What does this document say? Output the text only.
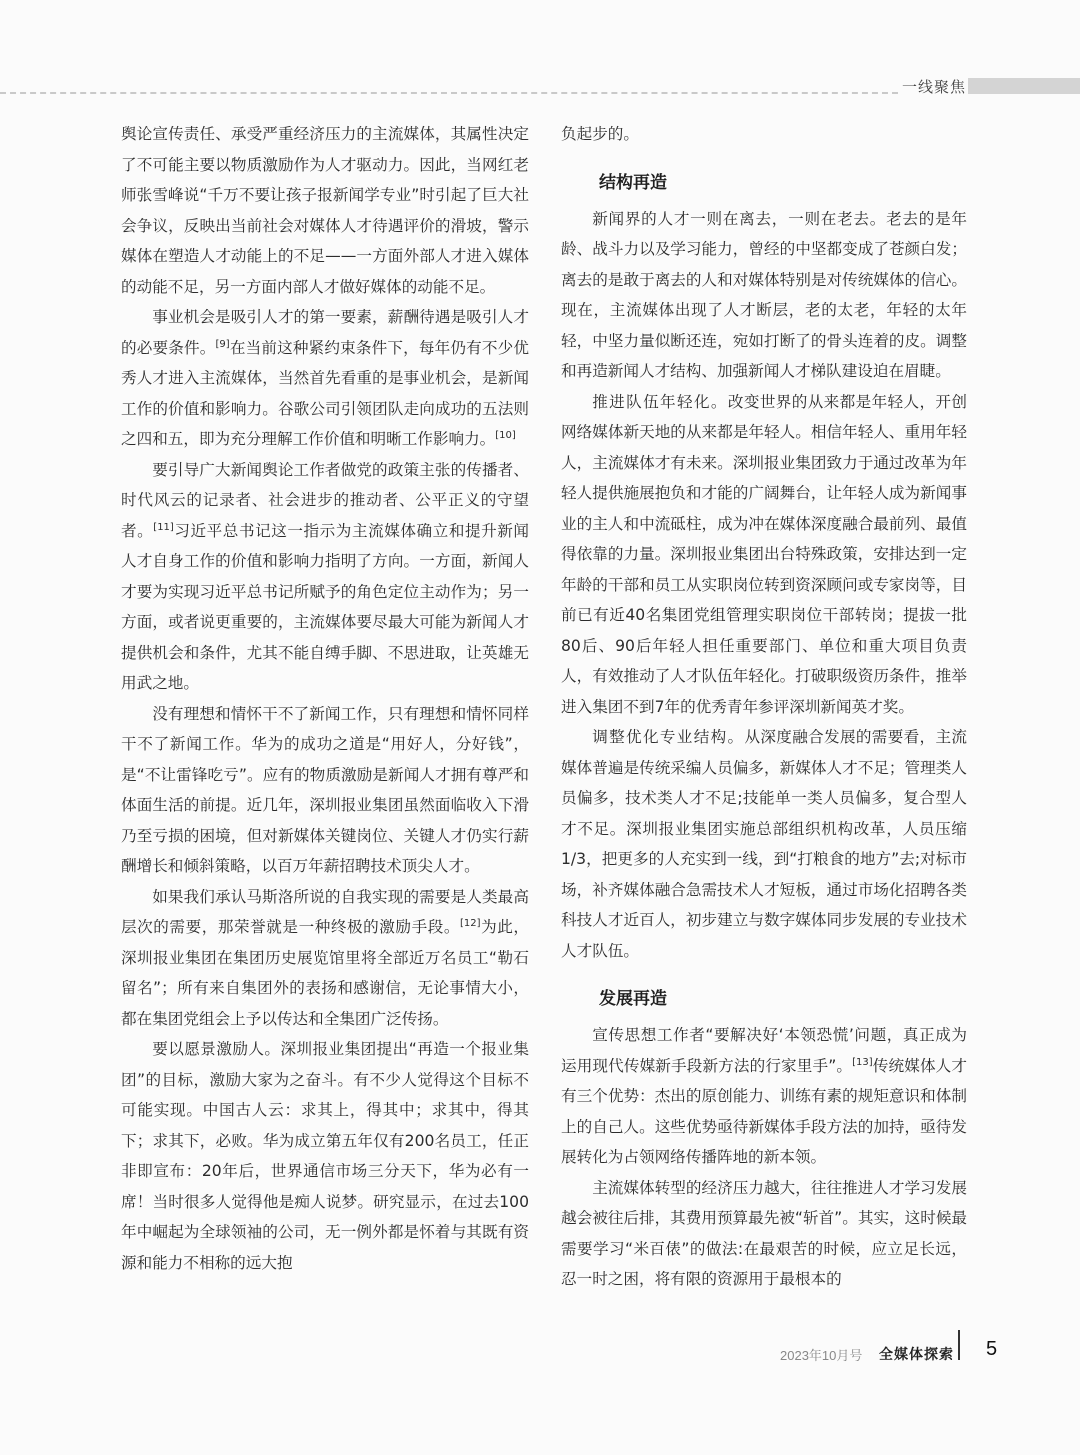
一线聚焦

舆论宣传责任、承受严重经济压力的主流媒体，其属性决定了不可能主要以物质激励作为人才驱动力。因此，当网红老师张雪峰说“千万不要让孩子报新闻学专业”时引起了巨大社会争议，反映出当前社会对媒体人才待遇评价的滑坡，警示媒体在塑造人才动能上的不足——一方面外部人才进入媒体的动能不足，另一方面内部人才做好媒体的动能不足。

事业机会是吸引人才的第一要素，薪酬待遇是吸引人才的必要条件。[9]在当前这种紧约束条件下，每年仍有不少优秀人才进入主流媒体，当然首先看重的是事业机会，是新闻工作的价值和影响力。谷歌公司引领团队走向成功的五法则之四和五，即为充分理解工作价值和明晰工作影响力。[10]

要引导广大新闻舆论工作者做党的政策主张的传播者、时代风云的记录者、社会进步的推动者、公平正义的守望者。[11]习近平总书记这一指示为主流媒体确立和提升新闻人才自身工作的价值和影响力指明了方向。一方面，新闻人才要为实现习近平总书记所赋予的角色定位主动作为；另一方面，或者说更重要的，主流媒体要尽最大可能为新闻人才提供机会和条件，尤其不能自缚手脚、不思进取，让英雄无用武之地。

没有理想和情怀干不了新闻工作，只有理想和情怀同样干不了新闻工作。华为的成功之道是“用好人，分好钱”，是“不让雷锋吃亏”。应有的物质激励是新闻人才拥有尊严和体面生活的前提。近几年，深圳报业集团虽然面临收入下滑乃至亏损的困境，但对新媒体关键岗位、关键人才仍实行薪酬增长和倾斜策略，以百万年薪招聘技术顶尖人才。

如果我们承认马斯洛所说的自我实现的需要是人类最高层次的需要，那荣誉就是一种终极的激励手段。[12]为此，深圳报业集团在集团历史展览馆里将全部近万名员工“勒石留名”；所有来自集团外的表扬和感谢信，无论事情大小，都在集团党组会上予以传达和全集团广泛传扬。

要以愿景激励人。深圳报业集团提出“再造一个报业集团”的目标，激励大家为之奋斗。有不少人觉得这个目标不可能实现。中国古人云：求其上，得其中；求其中，得其下；求其下，必败。华为成立第五年仅有200名员工，任正非即宣布：20年后，世界通信市场三分天下，华为必有一席！当时很多人觉得他是痴人说梦。研究显示，在过去100年中崛起为全球领袖的公司，无一例外都是怀着与其既有资源和能力不相称的远大抱

负起步的。

结构再造

新闻界的人才一则在离去，一则在老去。老去的是年龄、战斗力以及学习能力，曾经的中坚都变成了苍颜白发；离去的是敢于离去的人和对媒体特别是对传统媒体的信心。现在，主流媒体出现了人才断层，老的太老，年轻的太年轻，中坚力量似断还连，宛如打断了的骨头连着的皮。调整和再造新闻人才结构、加强新闻人才梯队建设迫在眉睫。

推进队伍年轻化。改变世界的从来都是年轻人，开创网络媒体新天地的从来都是年轻人。相信年轻人、重用年轻人，主流媒体才有未来。深圳报业集团致力于通过改革为年轻人提供施展抱负和才能的广阔舞台，让年轻人成为新闻事业的主人和中流砥柱，成为冲在媒体深度融合最前列、最值得依靠的力量。深圳报业集团出台特殊政策，安排达到一定年龄的干部和员工从实职岗位转到资深顾问或专家岗等，目前已有近40名集团党组管理实职岗位干部转岗；提拔一批80后、90后年轻人担任重要部门、单位和重大项目负责人，有效推动了人才队伍年轻化。打破职级资历条件，推举进入集团不到7年的优秀青年参评深圳新闻英才奖。

调整优化专业结构。从深度融合发展的需要看，主流媒体普遍是传统采编人员偏多，新媒体人才不足；管理类人员偏多，技术类人才不足;技能单一类人员偏多，复合型人才不足。深圳报业集团实施总部组织机构改革，人员压缩1/3，把更多的人充实到一线，到“打粮食的地方”去;对标市场，补齐媒体融合急需技术人才短板，通过市场化招聘各类科技人才近百人，初步建立与数字媒体同步发展的专业技术人才队伍。

发展再造

宣传思想工作者“要解决好‘本领恐慌’问题，真正成为运用现代传媒新手段新方法的行家里手”。[13]传统媒体人才有三个优势：杰出的原创能力、训练有素的规矩意识和体制上的自己人。这些优势亟待新媒体手段方法的加持，亟待发展转化为占领网络传播阵地的新本领。

主流媒体转型的经济压力越大，往往推进人才学习发展越会被往后排，其费用预算最先被“斩首”。其实，这时候最需要学习“米百俵”的做法:在最艰苦的时候，应立足长远，忍一时之困，将有限的资源用于最根本的

2023年10月号 全媒体探索 5
